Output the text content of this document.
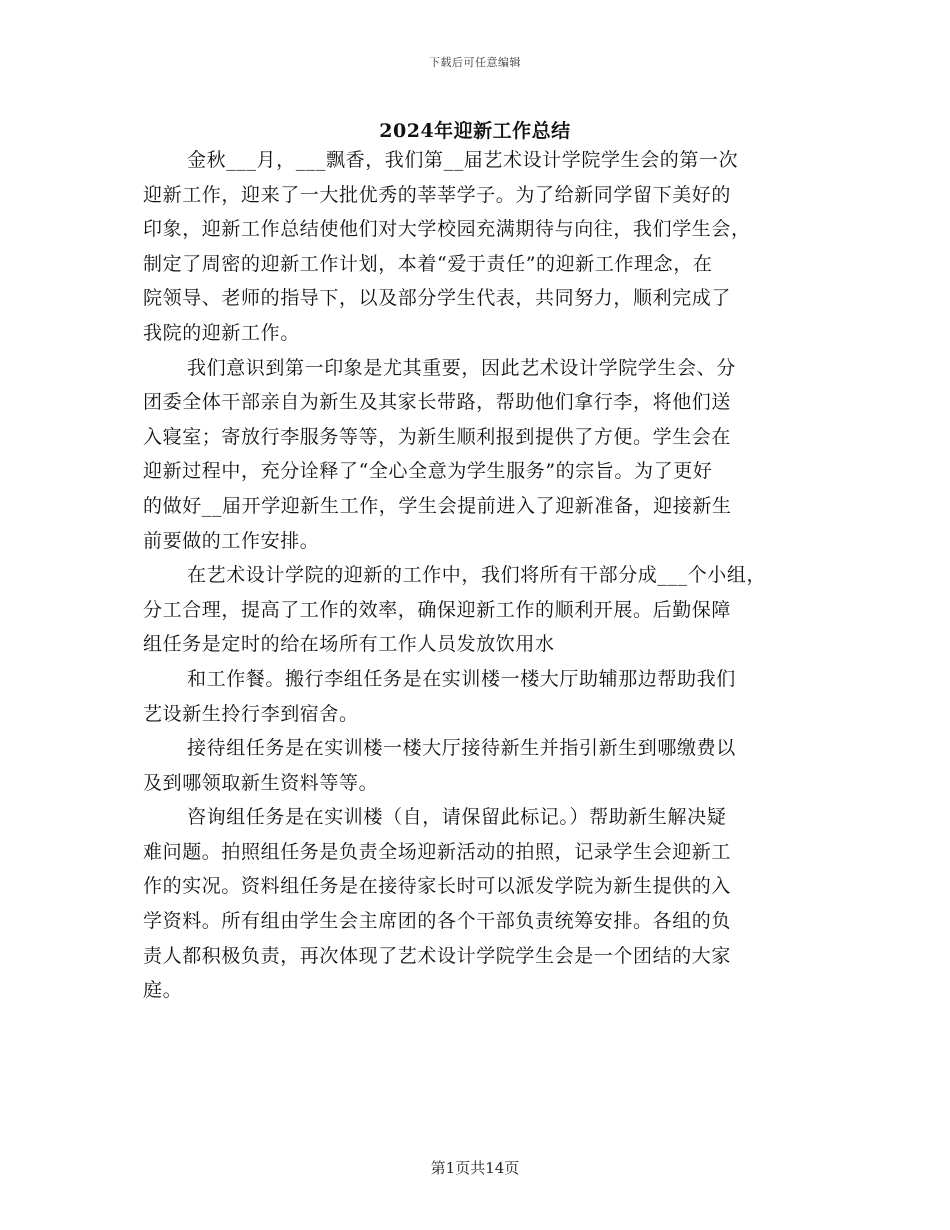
下载后可任意编辑
2024年迎新工作总结
金秋___月，___飘香，我们第__届艺术设计学院学生会的第一次
迎新工作，迎来了一大批优秀的莘莘学子。为了给新同学留下美好的
印象，迎新工作总结使他们对大学校园充满期待与向往，我们学生会，
制定了周密的迎新工作计划，本着“爱于责任”的迎新工作理念，在
院领导、老师的指导下，以及部分学生代表，共同努力，顺利完成了
我院的迎新工作。
我们意识到第一印象是尤其重要，因此艺术设计学院学生会、分
团委全体干部亲自为新生及其家长带路，帮助他们拿行李，将他们送
入寝室；寄放行李服务等等，为新生顺利报到提供了方便。学生会在
迎新过程中，充分诠释了“全心全意为学生服务”的宗旨。为了更好
的做好__届开学迎新生工作，学生会提前进入了迎新准备，迎接新生
前要做的工作安排。
在艺术设计学院的迎新的工作中，我们将所有干部分成___个小组，
分工合理，提高了工作的效率，确保迎新工作的顺利开展。后勤保障
组任务是定时的给在场所有工作人员发放饮用水
和工作餐。搬行李组任务是在实训楼一楼大厅助辅那边帮助我们
艺设新生拎行李到宿舍。
接待组任务是在实训楼一楼大厅接待新生并指引新生到哪缴费以
及到哪领取新生资料等等。
咨询组任务是在实训楼（自，请保留此标记。）帮助新生解决疑
难问题。拍照组任务是负责全场迎新活动的拍照，记录学生会迎新工
作的实况。资料组任务是在接待家长时可以派发学院为新生提供的入
学资料。所有组由学生会主席团的各个干部负责统筹安排。各组的负
责人都积极负责，再次体现了艺术设计学院学生会是一个团结的大家
庭。
第1页共14页
